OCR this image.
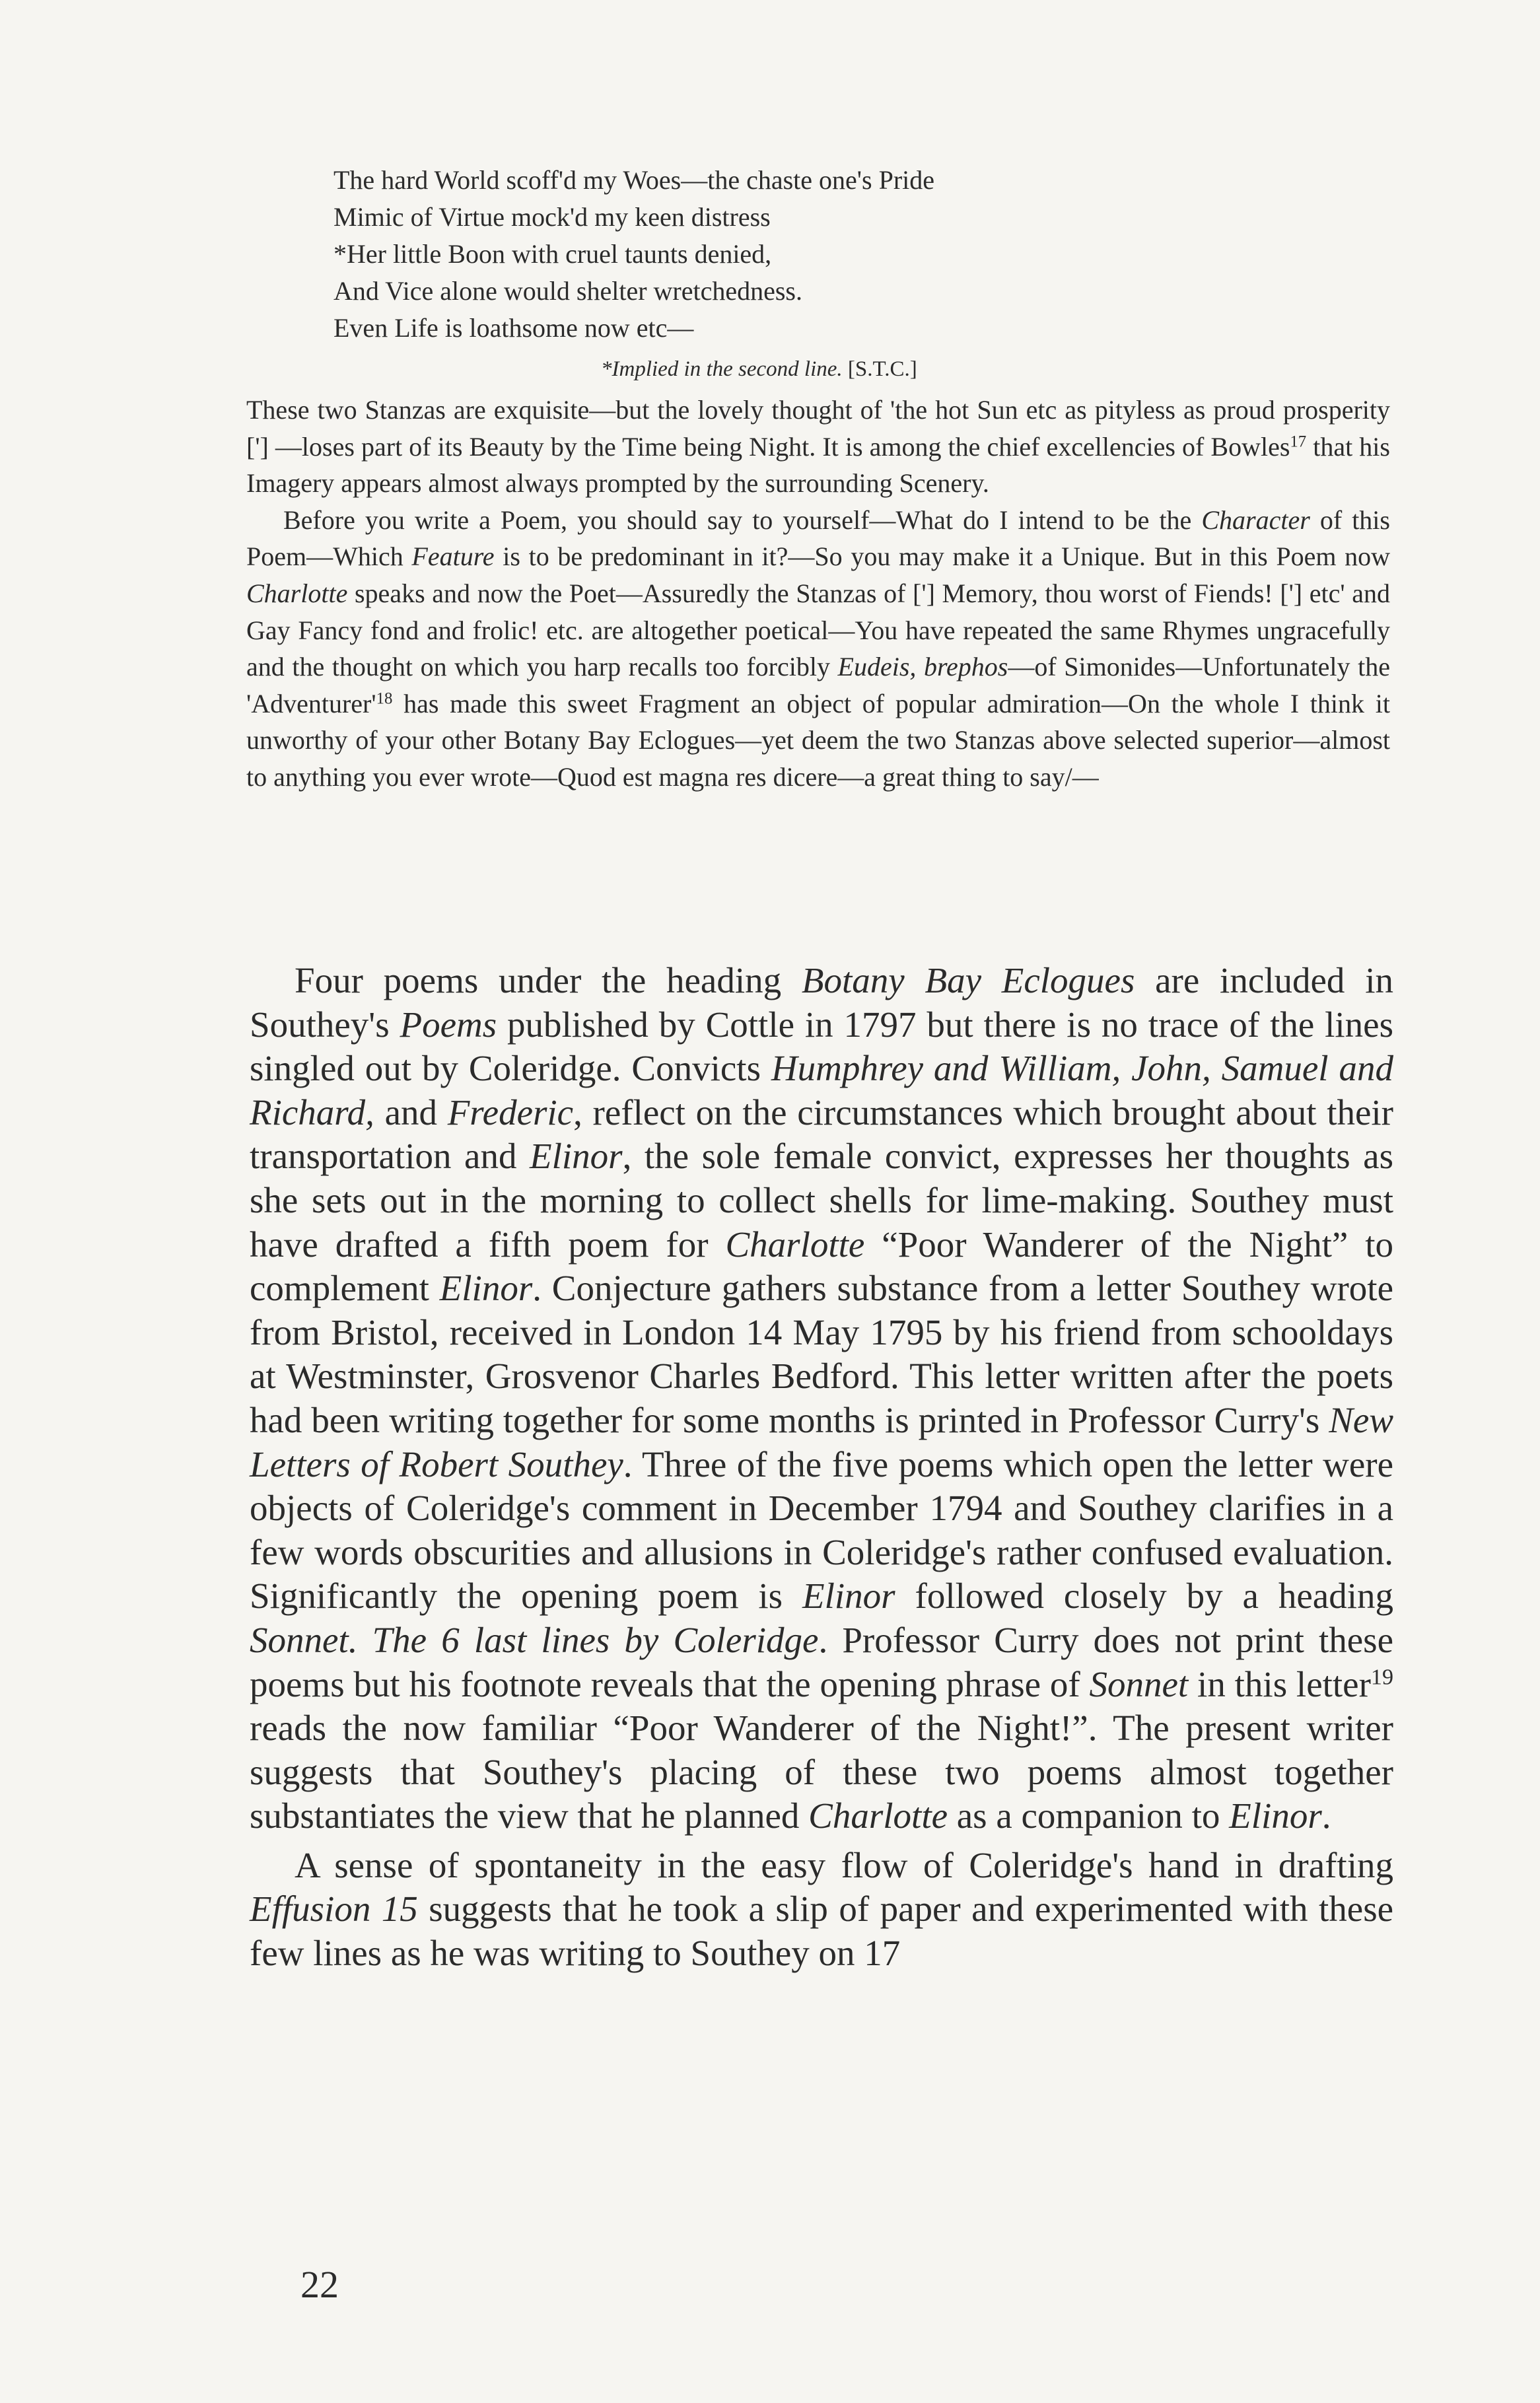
The hard World scoff'd my Woes—the chaste one's Pride
Mimic of Virtue mock'd my keen distress
*Her little Boon with cruel taunts denied,
And Vice alone would shelter wretchedness.
Even Life is loathsome now etc—
*Implied in the second line. [S.T.C.]

These two Stanzas are exquisite—but the lovely thought of 'the hot Sun etc as pityless as proud prosperity ['] —loses part of its Beauty by the Time being Night. It is among the chief excellencies of Bowles$^{17}$ that his Imagery appears almost always prompted by the surrounding Scenery.

Before you write a Poem, you should say to yourself—What do I intend to be the Character of this Poem—Which Feature is to be predominant in it?—So you may make it a Unique. But in this Poem now Charlotte speaks and now the Poet—Assuredly the Stanzas of ['] Memory, thou worst of Fiends! ['] etc' and Gay Fancy fond and frolic! etc. are altogether poetical—You have repeated the same Rhymes ungracefully and the thought on which you harp recalls too forcibly Eudeis, brephos—of Simonides—Unfortunately the '$Adventurer'^{18}$ has made this sweet Fragment an object of popular admiration—On the whole I think it unworthy of your other Botany Bay Eclogues—yet deem the two Stanzas above selected superior—almost to anything you ever wrote—Quod est magna res dicere—a great thing to say/—

Four poems under the heading Botany Bay Eclogues are included in Southey's Poems published by Cottle in 1797 but there is no trace of the lines singled out by Coleridge. Convicts Humphrey and William, John, Samuel and Richard, and Frederic, reflect on the circumstances which brought about their transportation and Elinor, the sole female convict, expresses her thoughts as she sets out in the morning to collect shells for lime-making. Southey must have drafted a fifth poem for Charlotte “Poor Wanderer of the Night” to complement Elinor. Conjecture gathers substance from a letter Southey wrote from Bristol, received in London 14 May 1795 by his friend from schooldays at Westminster, Grosvenor Charles Bedford. This letter written after the poets had been writing together for some months is printed in Professor Curry's New Letters of Robert Southey. Three of the five poems which open the letter were objects of Coleridge's comment in December 1794 and Southey clarifies in a few words obscurities and allusions in Coleridge's rather confused evaluation. Significantly the opening poem is Elinor followed closely by a heading Sonnet. The 6 last lines by Coleridge. Professor Curry does not print these poems but his footnote reveals that the opening phrase of Sonnet in this letter$^{19}$ reads the now familiar “Poor Wanderer of the Night!”. The present writer suggests that Southey's placing of these two poems almost together substantiates the view that he planned Charlotte as a companion to Elinor.

A sense of spontaneity in the easy flow of Coleridge's hand in drafting Effusion 15 suggests that he took a slip of paper and experimented with these few lines as he was writing to Southey on 17

22
